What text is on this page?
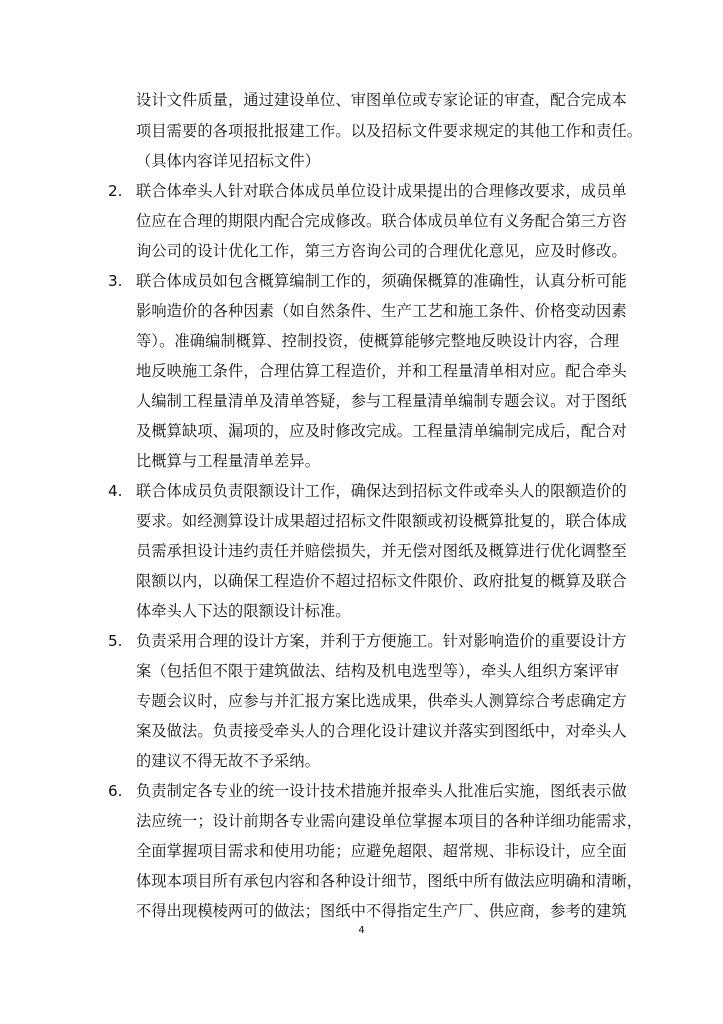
设计文件质量，通过建设单位、审图单位或专家论证的审查，配合完成本
项目需要的各项报批报建工作。以及招标文件要求规定的其他工作和责任。
（具体内容详见招标文件）
2. 联合体牵头人针对联合体成员单位设计成果提出的合理修改要求，成员单
位应在合理的期限内配合完成修改。联合体成员单位有义务配合第三方咨
询公司的设计优化工作，第三方咨询公司的合理优化意见，应及时修改。
3. 联合体成员如包含概算编制工作的，须确保概算的准确性，认真分析可能
影响造价的各种因素（如自然条件、生产工艺和施工条件、价格变动因素
等）。准确编制概算、控制投资，使概算能够完整地反映设计内容，合理
地反映施工条件，合理估算工程造价，并和工程量清单相对应。配合牵头
人编制工程量清单及清单答疑，参与工程量清单编制专题会议。对于图纸
及概算缺项、漏项的，应及时修改完成。工程量清单编制完成后，配合对
比概算与工程量清单差异。
4. 联合体成员负责限额设计工作，确保达到招标文件或牵头人的限额造价的
要求。如经测算设计成果超过招标文件限额或初设概算批复的，联合体成
员需承担设计违约责任并赔偿损失，并无偿对图纸及概算进行优化调整至
限额以内，以确保工程造价不超过招标文件限价、政府批复的概算及联合
体牵头人下达的限额设计标准。
5. 负责采用合理的设计方案，并利于方便施工。针对影响造价的重要设计方
案（包括但不限于建筑做法、结构及机电选型等），牵头人组织方案评审
专题会议时，应参与并汇报方案比选成果，供牵头人测算综合考虑确定方
案及做法。负责接受牵头人的合理化设计建议并落实到图纸中，对牵头人
的建议不得无故不予采纳。
6. 负责制定各专业的统一设计技术措施并报牵头人批准后实施，图纸表示做
法应统一；设计前期各专业需向建设单位掌握本项目的各种详细功能需求，
全面掌握项目需求和使用功能；应避免超限、超常规、非标设计，应全面
体现本项目所有承包内容和各种设计细节，图纸中所有做法应明确和清晰，
不得出现模棱两可的做法；图纸中不得指定生产厂、供应商，参考的建筑
4
